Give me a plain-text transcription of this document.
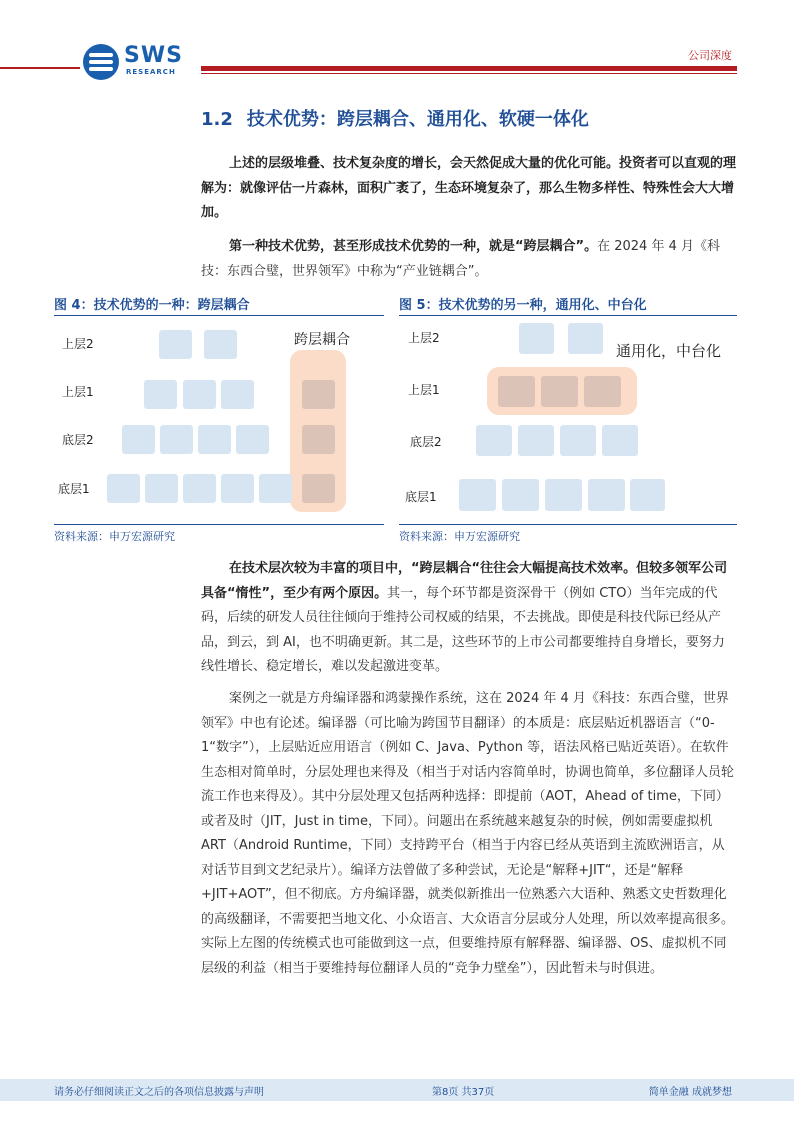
SWS
RESEARCH
公司深度
1.2 技术优势：跨层耦合、通用化、软硬一体化

上述的层级堆叠、技术复杂度的增长，会天然促成大量的优化可能。投资者可以直观的理解为：就像评估一片森林，面积广袤了，生态环境复杂了，那么生物多样性、特殊性会大大增加。

第一种技术优势，甚至形成技术优势的一种，就是“跨层耦合”。在 2024 年 4 月《科技：东西合璧，世界领军》中称为“产业链耦合”。

图 4：技术优势的一种：跨层耦合
上层2
上层1
底层2
底层1
跨层耦合
资料来源：申万宏源研究
图 5：技术优势的另一种，通用化、中台化
上层2
上层1
底层2
底层1
通用化，中台化
资料来源：申万宏源研究

在技术层次较为丰富的项目中，“跨层耦合“往往会大幅提高技术效率。但较多领军公司具备“惰性”，至少有两个原因。其一，每个环节都是资深骨干（例如 CTO）当年完成的代码，后续的研发人员往往倾向于维持公司权威的结果，不去挑战。即使是科技代际已经从产品，到云，到 AI，也不明确更新。其二是，这些环节的上市公司都要维持自身增长，要努力线性增长、稳定增长，难以发起激进变革。

案例之一就是方舟编译器和鸿蒙操作系统，这在 2024 年 4 月《科技：东西合璧，世界领军》中也有论述。编译器（可比喻为跨国节目翻译）的本质是：底层贴近机器语言（“0-1“数字”），上层贴近应用语言（例如 C、Java、Python 等，语法风格已贴近英语）。在软件生态相对简单时，分层处理也来得及（相当于对话内容简单时，协调也简单，多位翻译人员轮流工作也来得及）。其中分层处理又包括两种选择：即提前（AOT，Ahead of time，下同）或者及时（JIT，Just in time，下同）。问题出在系统越来越复杂的时候，例如需要虚拟机 ART（Android Runtime，下同）支持跨平台（相当于内容已经从英语到主流欧洲语言，从对话节目到文艺纪录片）。编译方法曾做了多种尝试，无论是“解释+JIT“，还是“解释+JIT+AOT”，但不彻底。方舟编译器，就类似新推出一位熟悉六大语种、熟悉文史哲数理化的高级翻译，不需要把当地文化、小众语言、大众语言分层或分人处理，所以效率提高很多。实际上左图的传统模式也可能做到这一点，但要维持原有解释器、编译器、OS、虚拟机不同层级的利益（相当于要维持每位翻译人员的“竞争力壁垒”），因此暂未与时俱进。

请务必仔细阅读正文之后的各项信息披露与声明	第8页 共37页	简单金融 成就梦想
